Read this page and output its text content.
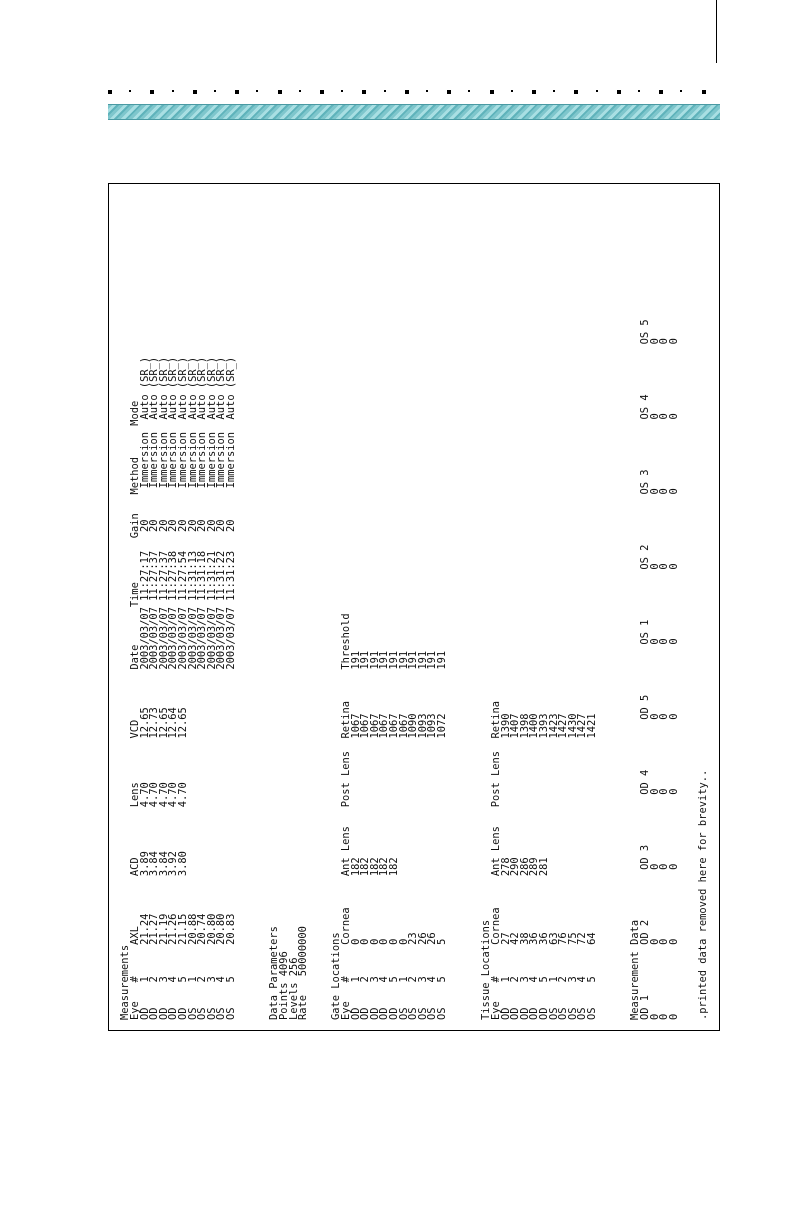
Measurements
Eye   #     AXL        ACD        Lens       VCD        Date      Time       Gain   Method     Mode
OD    1     21.24      3.89       4.70       12.65      2003/03/07 11:27:17   20     Immersion  Auto (SR_)
OD    2     21.27      3.84       4.70       12.73      2003/03/07 11:27:37   20     Immersion  Auto (SR_)
OD    3     21.19      3.84       4.70       12.65      2003/03/07 11:27:37   20     Immersion  Auto (SR_)
OD    4     21.26      3.92       4.70       12.64      2003/03/07 11:27:38   20     Immersion  Auto (SR_)
OD    5     21.15      3.80       4.70       12.65      2003/03/07 11:27:54   20     Immersion  Auto (SR_)
OS    1     20.88                                       2003/03/07 11:31:13   20     Immersion  Auto (SR_)
OS    2     20.74                                       2003/03/07 11:31:18   20     Immersion  Auto (SR_)
OS    3     20.80                                       2003/03/07 11:31:21   20     Immersion  Auto (SR_)
OS    4     20.80                                       2003/03/07 11:31:22   20     Immersion  Auto (SR_)
OS    5     20.83                                       2003/03/07 11:31:23   20     Immersion  Auto (SR_)
Data Parameters
Points 4096
Levels 256
Rate   50000000 Gate Locations
Eye   #     Cornea     Ant Lens   Post Lens  Retina     Threshold
OD    1     0          182                   1067       191
OD    2     0          182                   1067       191
OD    3     0          182                   1067       191
OD    4     0          182                   1067       191
OD    5     0          182                   1067       191
OS    1     0                                1067       191
OS    2     23                               1090       191
OS    3     26                               1093       191
OS    4     26                               1093       191
OS    5     5                                1072       191
Tissue Locations
Eye   #     Cornea     Ant Lens   Post Lens  Retina
OD    1     27         278                   1390
OD    2     42         290                   1407
OD    3     38         286                   1398
OD    4     36         289                   1400
OD    5     36         281                   1393
OS    1     63                               1423
OS    2     76                               1427
OS    3     75                               1430
OS    4     72                               1427
OS    5     64                               1421
Measurement Data
OD 1        OD 2        OD 3        OD 4        OD 5        OS 1        OS 2        OS 3        OS 4        OS 5
0           0           0           0           0           0           0           0           0           0
0           0           0           0           0           0           0           0           0           0
0           0           0           0           0           0           0           0           0           0
.printed data removed here for brevity..
